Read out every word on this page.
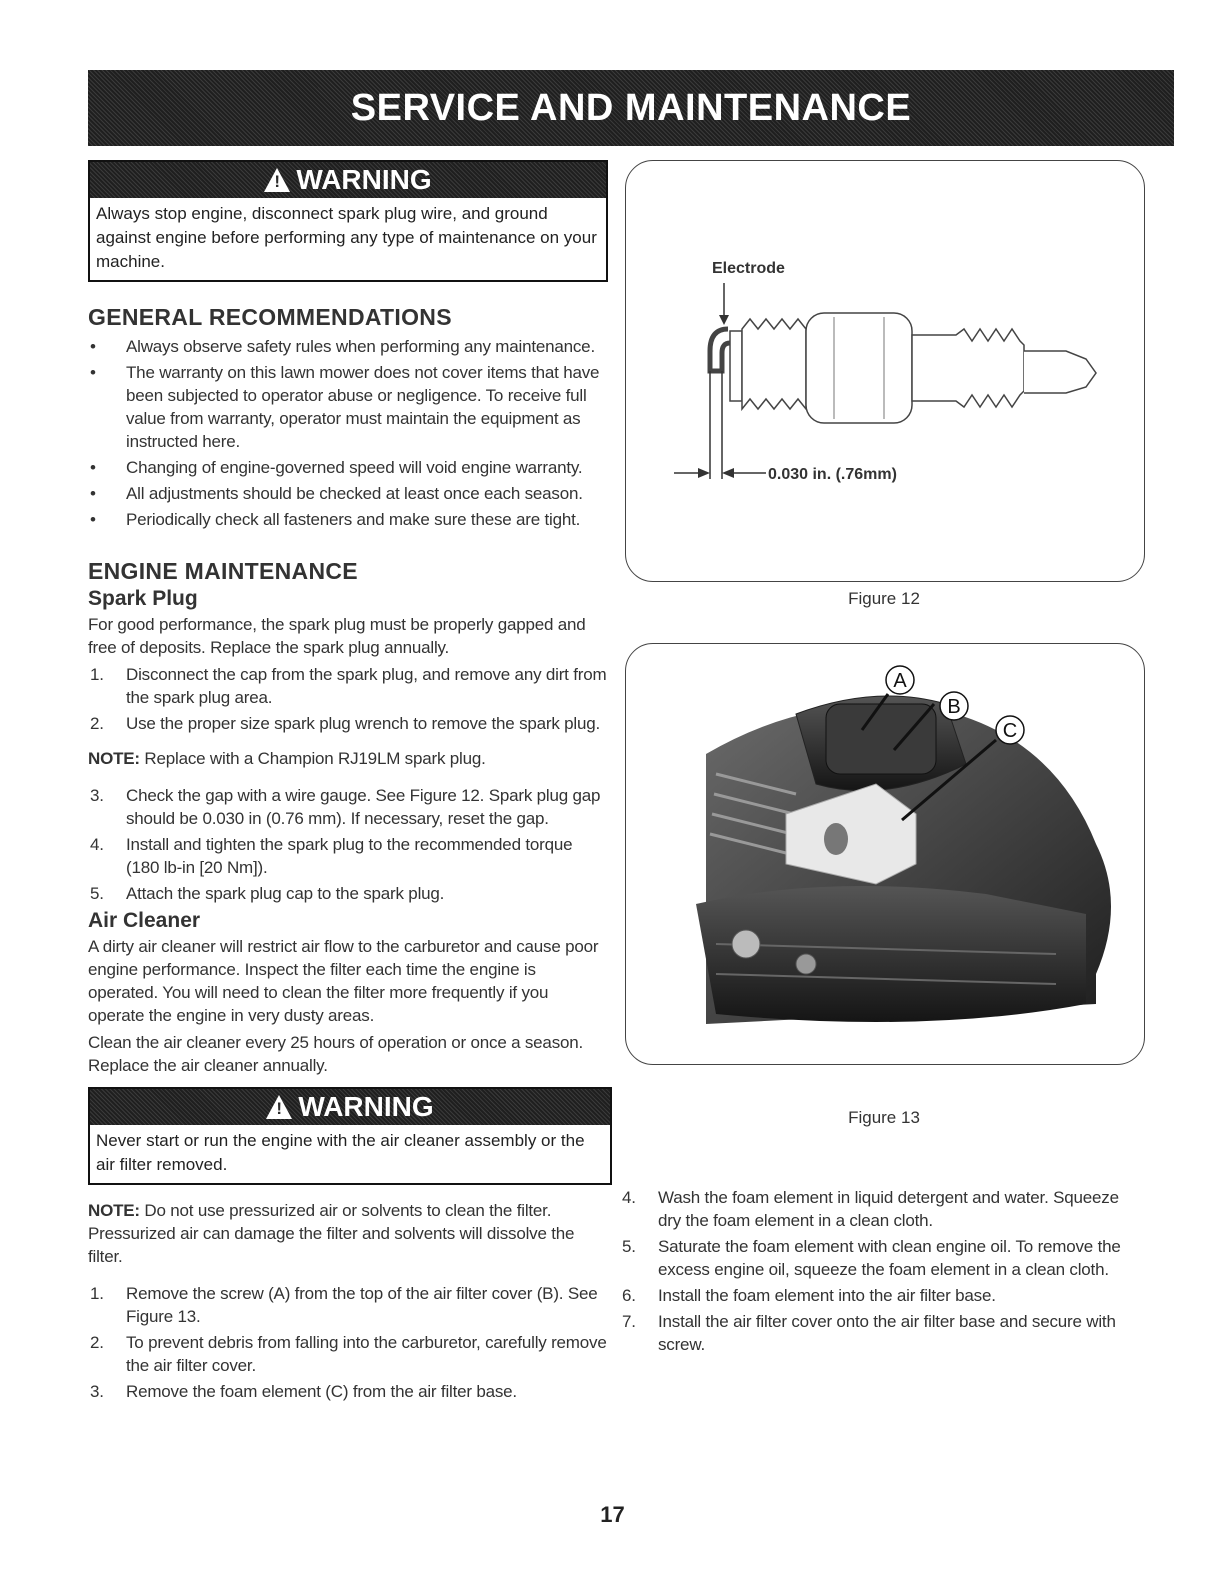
SERVICE AND MAINTENANCE
!
WARNING
Always stop engine, disconnect spark plug wire, and ground against engine before performing any type of maintenance on your machine.
GENERAL RECOMMENDATIONS
• Always observe safety rules when performing any maintenance.
• The warranty on this lawn mower does not cover items that have been subjected to operator abuse or negligence. To receive full value from warranty, operator must maintain the equipment as instructed here.
• Changing of engine-governed speed will void engine warranty.
• All adjustments should be checked at least once each season.
• Periodically check all fasteners and make sure these are tight.
ENGINE MAINTENANCE
Spark Plug

For good performance, the spark plug must be properly gapped and free of deposits. Replace the spark plug annually.

1. Disconnect the cap from the spark plug, and remove any dirt from the spark plug area.
2. Use the proper size spark plug wrench to remove the spark plug.

NOTE: Replace with a Champion RJ19LM spark plug.

3. Check the gap with a wire gauge. See Figure 12. Spark plug gap should be 0.030 in (0.76 mm). If necessary, reset the gap.
4. Install and tighten the spark plug to the recommended torque (180 lb-in [20 Nm]).
5. Attach the spark plug cap to the spark plug.
Air Cleaner

A dirty air cleaner will restrict air flow to the carburetor and cause poor engine performance. Inspect the filter each time the engine is operated. You will need to clean the filter more frequently if you operate the engine in very dusty areas.

Clean the air cleaner every 25 hours of operation or once a season. Replace the air cleaner annually.

!
WARNING
Never start or run the engine with the air cleaner assembly or the air filter removed.

NOTE: Do not use pressurized air or solvents to clean the filter. Pressurized air can damage the filter and solvents will dissolve the filter.

1. Remove the screw (A) from the top of the air filter cover (B). See Figure 13.
2. To prevent debris from falling into the carburetor, carefully remove the air filter cover.
3. Remove the foam element (C) from the air filter base.
Electrode
0.030 in. (.76mm)
Figure 12
A
B
C
Figure 13
4. Wash the foam element in liquid detergent and water. Squeeze dry the foam element in a clean cloth.
5. Saturate the foam element with clean engine oil. To remove the excess engine oil, squeeze the foam element in a clean cloth.
6. Install the foam element into the air filter base.
7. Install the air filter cover onto the air filter base and secure with screw.
17
